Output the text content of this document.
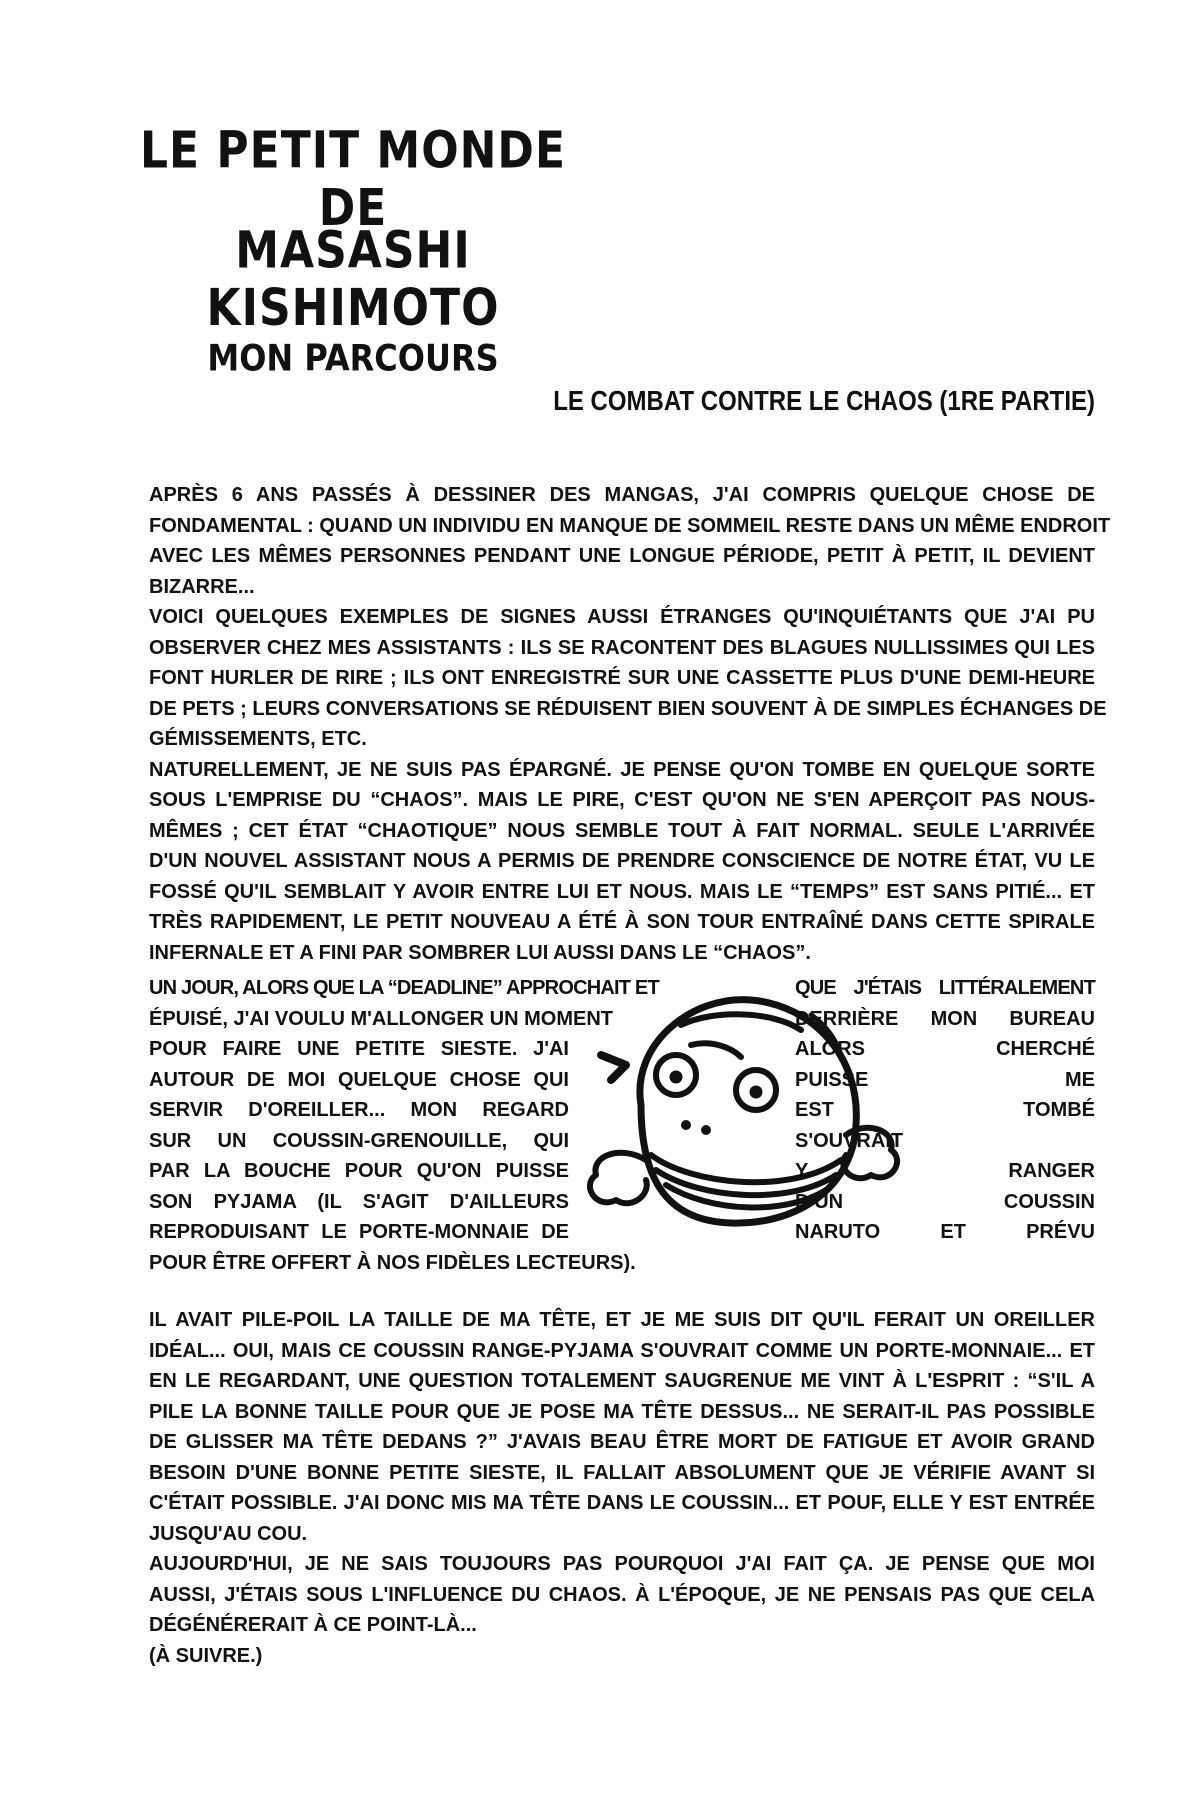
LE PETIT MONDE DE
MASASHI KISHIMOTO
MON PARCOURS
LE COMBAT CONTRE LE CHAOS (1RE PARTIE)
APRÈS 6 ANS PASSÉS À DESSINER DES MANGAS, J'AI COMPRIS QUELQUE CHOSE DE
FONDAMENTAL : QUAND UN INDIVIDU EN MANQUE DE SOMMEIL RESTE DANS UN MÊME ENDROIT
AVEC LES MÊMES PERSONNES PENDANT UNE LONGUE PÉRIODE, PETIT À PETIT, IL DEVIENT
BIZARRE...
VOICI QUELQUES EXEMPLES DE SIGNES AUSSI ÉTRANGES QU'INQUIÉTANTS QUE J'AI PU
OBSERVER CHEZ MES ASSISTANTS : ILS SE RACONTENT DES BLAGUES NULLISSIMES QUI LES
FONT HURLER DE RIRE ; ILS ONT ENREGISTRÉ SUR UNE CASSETTE PLUS D'UNE DEMI-HEURE
DE PETS ; LEURS CONVERSATIONS SE RÉDUISENT BIEN SOUVENT À DE SIMPLES ÉCHANGES DE
GÉMISSEMENTS, ETC.
NATURELLEMENT, JE NE SUIS PAS ÉPARGNÉ. JE PENSE QU'ON TOMBE EN QUELQUE SORTE
SOUS L'EMPRISE DU “CHAOS”. MAIS LE PIRE, C'EST QU'ON NE S'EN APERÇOIT PAS NOUS-
MÊMES ; CET ÉTAT “CHAOTIQUE” NOUS SEMBLE TOUT À FAIT NORMAL. SEULE L'ARRIVÉE
D'UN NOUVEL ASSISTANT NOUS A PERMIS DE PRENDRE CONSCIENCE DE NOTRE ÉTAT, VU LE
FOSSÉ QU'IL SEMBLAIT Y AVOIR ENTRE LUI ET NOUS. MAIS LE “TEMPS” EST SANS PITIÉ... ET
TRÈS RAPIDEMENT, LE PETIT NOUVEAU A ÉTÉ À SON TOUR ENTRAÎNÉ DANS CETTE SPIRALE
INFERNALE ET A FINI PAR SOMBRER LUI AUSSI DANS LE “CHAOS”.
UN JOUR, ALORS QUE LA “DEADLINE” APPROCHAIT ET	QUE J'ÉTAIS LITTÉRALEMENT
ÉPUISÉ, J'AI VOULU M'ALLONGER UN MOMENT	DERRIÈRE MON BUREAU
POUR FAIRE UNE PETITE SIESTE. J'AI	ALORS CHERCHÉ
AUTOUR DE MOI QUELQUE CHOSE QUI	PUISSE ME
SERVIR D'OREILLER... MON REGARD	EST TOMBÉ
SUR UN COUSSIN-GRENOUILLE, QUI	S'OUVRAIT
PAR LA BOUCHE POUR QU'ON PUISSE	Y RANGER
SON PYJAMA (IL S'AGIT D'AILLEURS	D'UN COUSSIN
REPRODUISANT LE PORTE-MONNAIE DE	NARUTO ET PRÉVU
POUR ÊTRE OFFERT À NOS FIDÈLES LECTEURS).
IL AVAIT PILE-POIL LA TAILLE DE MA TÊTE, ET JE ME SUIS DIT QU'IL FERAIT UN OREILLER
IDÉAL... OUI, MAIS CE COUSSIN RANGE-PYJAMA S'OUVRAIT COMME UN PORTE-MONNAIE... ET
EN LE REGARDANT, UNE QUESTION TOTALEMENT SAUGRENUE ME VINT À L'ESPRIT : “S'IL A
PILE LA BONNE TAILLE POUR QUE JE POSE MA TÊTE DESSUS... NE SERAIT-IL PAS POSSIBLE
DE GLISSER MA TÊTE DEDANS ?” J'AVAIS BEAU ÊTRE MORT DE FATIGUE ET AVOIR GRAND
BESOIN D'UNE BONNE PETITE SIESTE, IL FALLAIT ABSOLUMENT QUE JE VÉRIFIE AVANT SI
C'ÉTAIT POSSIBLE. J'AI DONC MIS MA TÊTE DANS LE COUSSIN... ET POUF, ELLE Y EST ENTRÉE
JUSQU'AU COU.
AUJOURD'HUI, JE NE SAIS TOUJOURS PAS POURQUOI J'AI FAIT ÇA. JE PENSE QUE MOI
AUSSI, J'ÉTAIS SOUS L'INFLUENCE DU CHAOS. À L'ÉPOQUE, JE NE PENSAIS PAS QUE CELA
DÉGÉNÉRERAIT À CE POINT-LÀ...
(À SUIVRE.)
